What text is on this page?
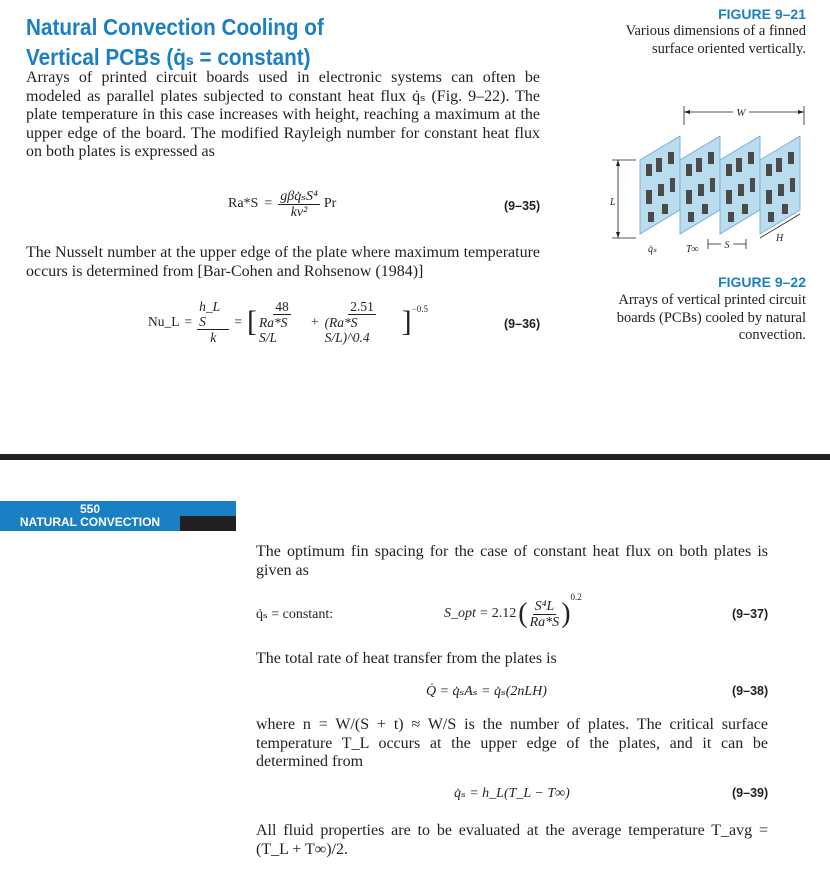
Natural Convection Cooling of
Vertical PCBs (q̇ₛ = constant)
Arrays of printed circuit boards used in electronic systems can often be modeled as parallel plates subjected to constant heat flux q̇ₛ (Fig. 9–22). The plate temperature in this case increases with height, reaching a maximum at the upper edge of the board. The modified Rayleigh number for constant heat flux on both plates is expressed as
$Ra*S = \frac{\text{gβq̇ₛS⁴}}{\text{kν²}}$ Pr	(9–35)
The Nusselt number at the upper edge of the plate where maximum temperature occurs is determined from [Bar-Cohen and Rohsenow (1984)]
Nu_L = $\frac{\text{h\_L S}}{k}$ = [ $\frac{48}{\text{Ra*S S/L}} + \frac{2.51}{\text{(Ra*S S/L)\textasciicircum{}0.4}} ]^{-0.5}$
(9–36)
FIGURE 9–21
Various dimensions of a finned
surface oriented vertically.
W
L
H
q̇ₛ	T∞	S
FIGURE 9–22
Arrays of vertical printed circuit
boards (PCBs) cooled by natural
convection.
550
NATURAL CONVECTION
The optimum fin spacing for the case of constant heat flux on both plates is given as
q̇ₛ = constant:	S_opt = 2.12 ( $\frac{\text{S⁴L}}{Ra*S}$ )
$^{0.2}$
(9–37)
The total rate of heat transfer from the plates is
Q̇ = q̇ₛAₛ = q̇ₛ(2nLH)	(9–38)
where n = W/(S + t) ≈ W/S is the number of plates. The critical surface temperature T_L occurs at the upper edge of the plates, and it can be determined from
q̇ₛ = h_L(T_L − T∞)	(9–39)
All fluid properties are to be evaluated at the average temperature T_avg = (T_L + T∞)/2.
